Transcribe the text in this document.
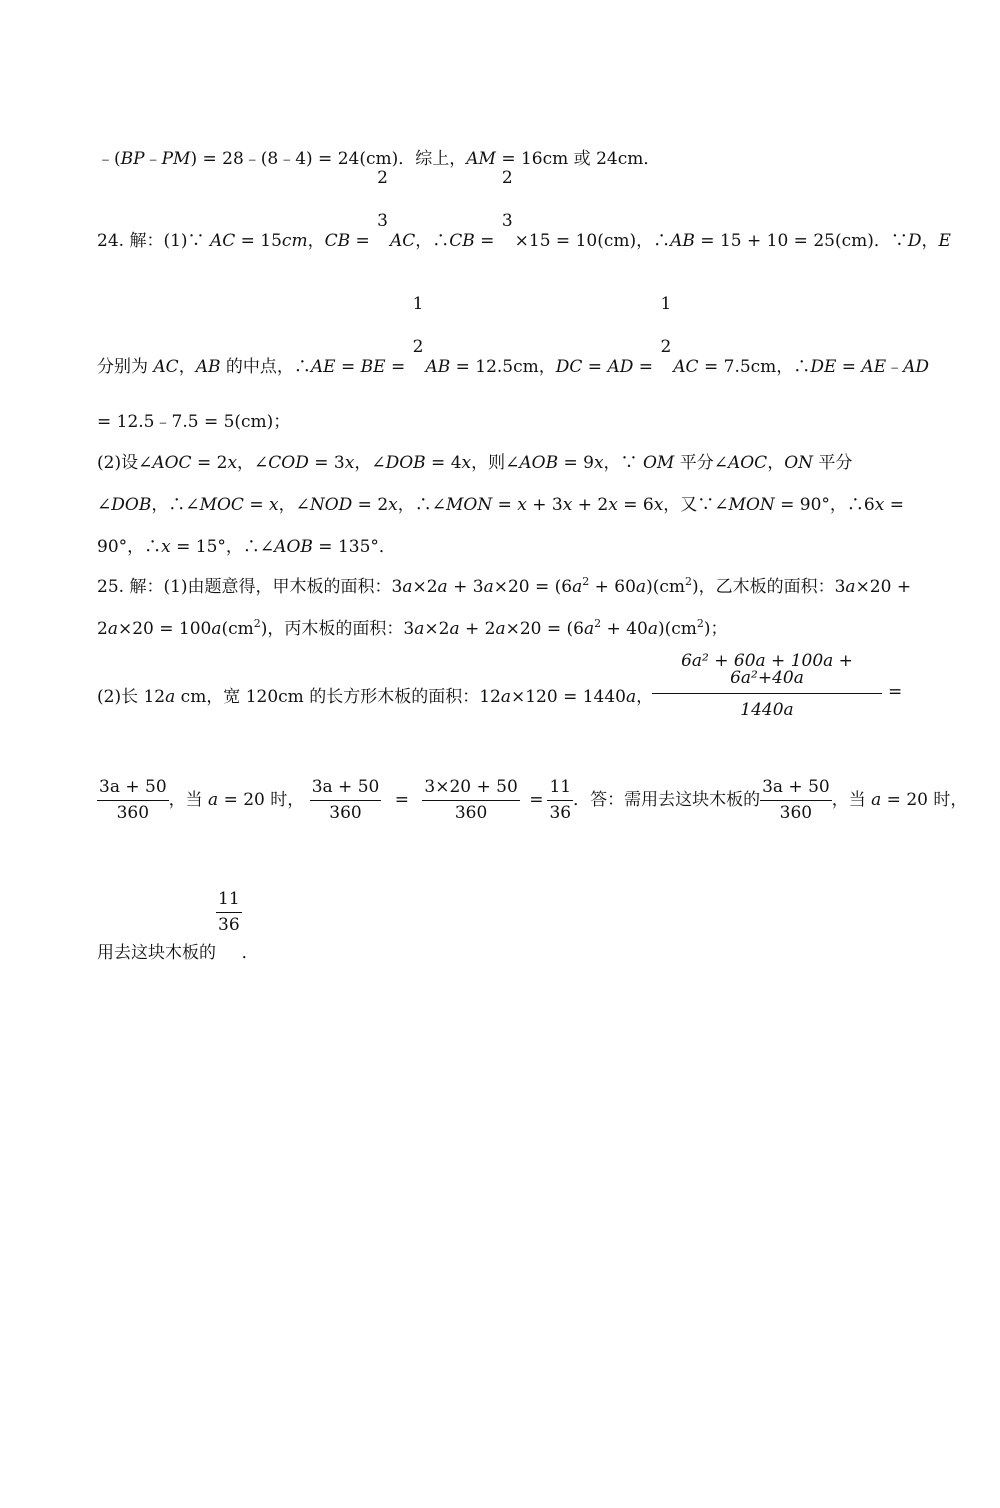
﹣(BP﹣PM) = 28﹣(8﹣4) = 24(cm)．综上，AM = 16cm 或 24cm．
24. 解：(1)∵ AC = 15cm，CB =
2
3
AC，∴CB =
2
3
×15 = 10(cm)，∴AB = 15 + 10 = 25(cm)．∵D，E
分别为 AC，AB 的中点，∴AE = BE =
1
2
AB = 12.5cm，DC = AD =
1
2
AC = 7.5cm，∴DE = AE﹣AD
= 12.5﹣7.5 = 5(cm)；
(2)设∠AOC = 2x，∠COD = 3x，∠DOB = 4x，则∠AOB = 9x，∵ OM 平分∠AOC，ON 平分
∠DOB，∴∠MOC = x，∠NOD = 2x，∴∠MON = x + 3x + 2x = 6x，又∵∠MON = 90°，∴6x =
90°，∴x = 15°，∴∠AOB = 135°．
25. 解：(1)由题意得，甲木板的面积：$3a\times 2a + 3a\times 20 = (6a^2 + 60a)(cm^2)$，乙木板的面积：3a×20 +
$2a\times 20 = 100a(cm^2)$，丙木板的面积：$3a\times 2a + 2a\times 20 = (6a^2 + 40a)(cm^2)$；
(2)长 12a cm，宽 120cm 的长方形木板的面积：12a×120 = 1440a，
$\frac{\text{6a² + 60a + 100a + 6a²+40a}}{1440a}$ =
$\frac{3a + 50}{360}$ ，当 a = 20 时， $\frac{3a + 50}{360} = \frac{3\times 20 + 50}{360} = \frac{11}{36}$ ．答：需用去这块木板的 $\frac{3a + 50}{360}$ ，当 a = 20 时，
用去这块木板的
$\frac{11}{36}$
．
